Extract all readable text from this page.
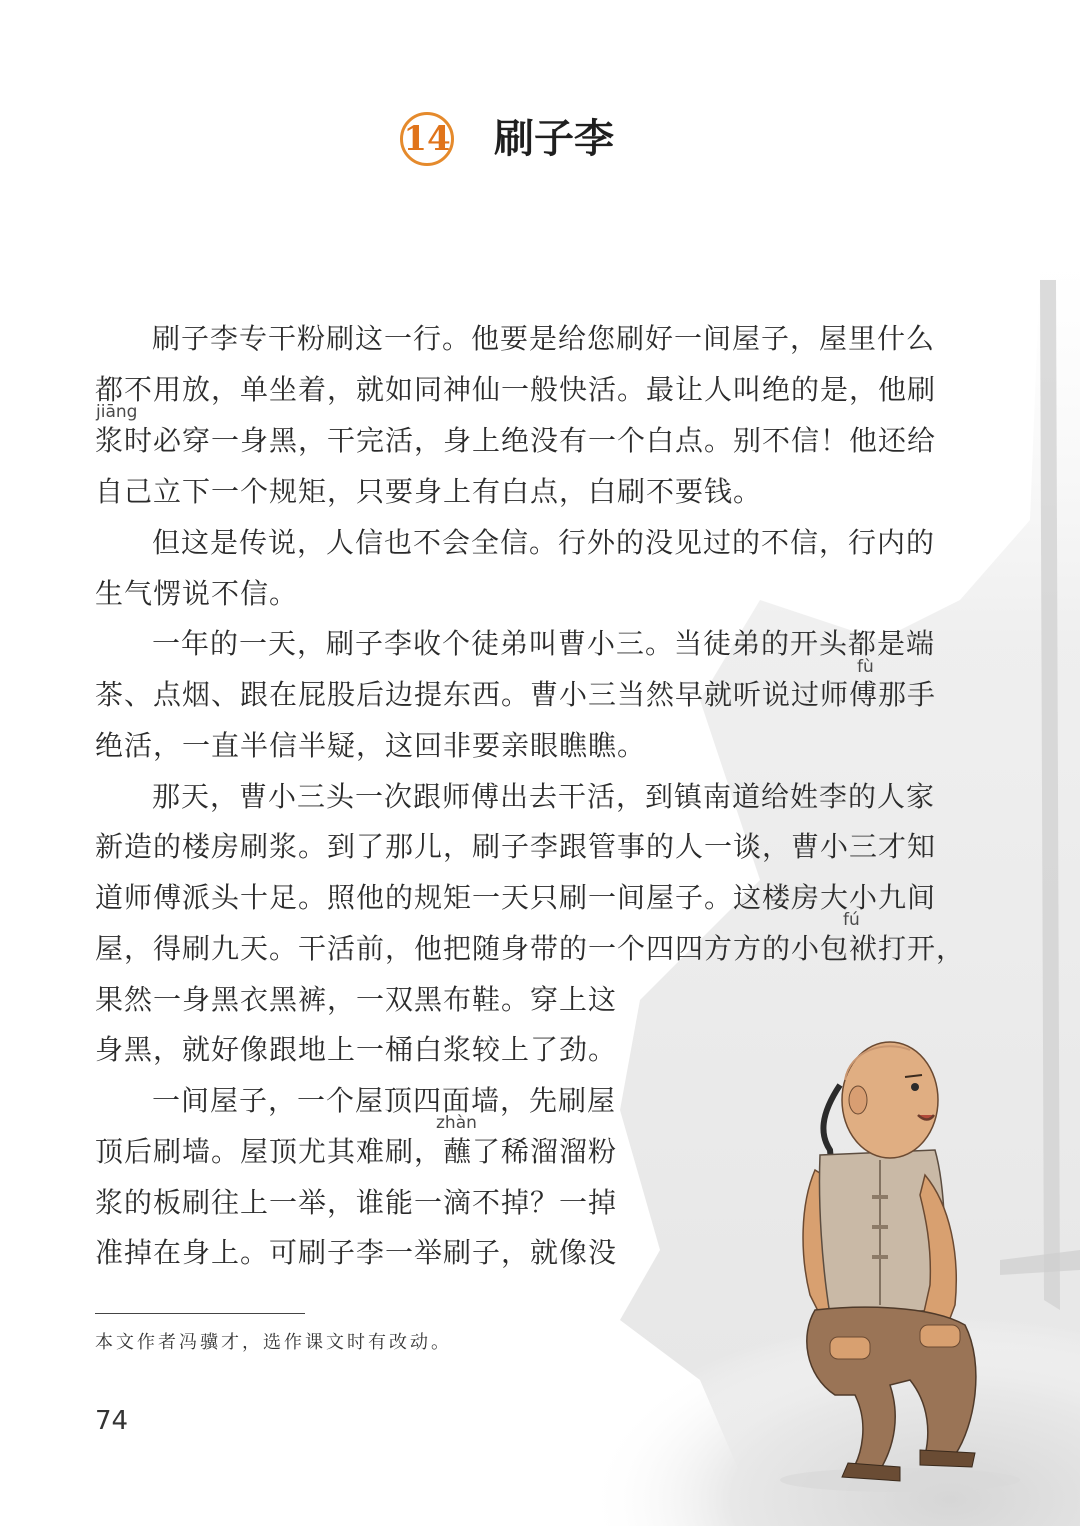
14 刷子李
刷子李专干粉刷这一行。他要是给您刷好一间屋子，屋里什么
都不用放，单坐着，就如同神仙一般快活。最让人叫绝的是，他刷
jiāng
浆时必穿一身黑，干完活，身上绝没有一个白点。别不信！他还给
自己立下一个规矩，只要身上有白点，白刷不要钱。
但这是传说，人信也不会全信。行外的没见过的不信，行内的
生气愣说不信。
一年的一天，刷子李收个徒弟叫曹小三。当徒弟的开头都是端
fù
茶、点烟、跟在屁股后边提东西。曹小三当然早就听说过师傅那手
绝活，一直半信半疑，这回非要亲眼瞧瞧。
那天，曹小三头一次跟师傅出去干活，到镇南道给姓李的人家
新造的楼房刷浆。到了那儿，刷子李跟管事的人一谈，曹小三才知
道师傅派头十足。照他的规矩一天只刷一间屋子。这楼房大小九间
fú
屋，得刷九天。干活前，他把随身带的一个四四方方的小包袱打开，
果然一身黑衣黑裤，一双黑布鞋。穿上这
身黑，就好像跟地上一桶白浆较上了劲。
一间屋子，一个屋顶四面墙，先刷屋
zhàn
顶后刷墙。屋顶尤其难刷，蘸了稀溜溜粉
浆的板刷往上一举，谁能一滴不掉？一掉
准掉在身上。可刷子李一举刷子，就像没
本文作者冯骥才，选作课文时有改动。
74
